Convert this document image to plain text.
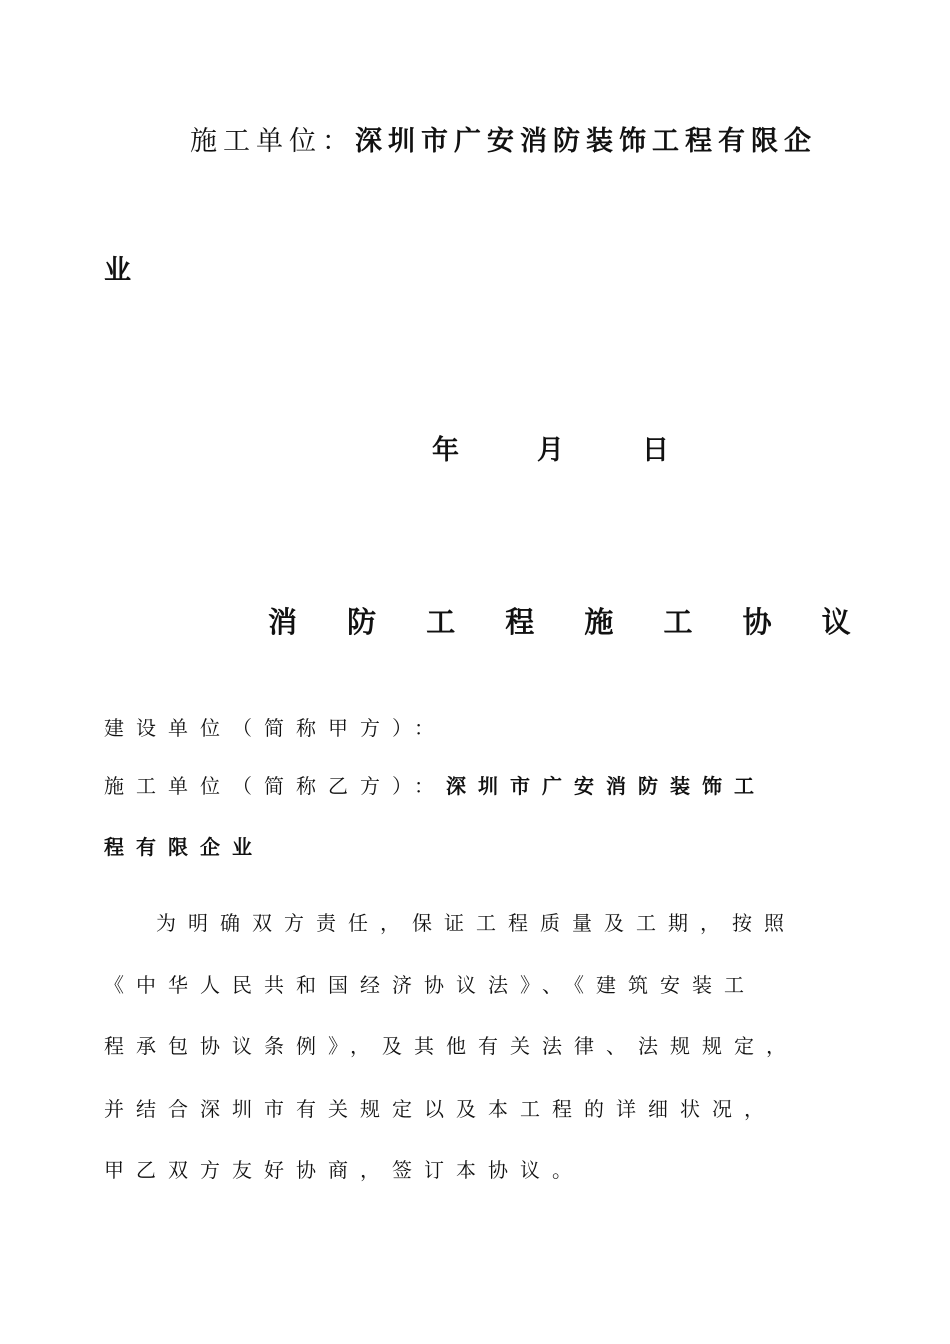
施工单位：深圳市广安消防装饰工程有限企
业
年	月	日
消 防 工 程 施 工 协 议
建设单位（简称甲方）：
施工单位（简称乙方）：深圳市广安消防装饰工
程有限企业
为明确双方责任，保证工程质量及工期，按照
《中华人民共和国经济协议法》、《建筑安装工
程承包协议条例》，及其他有关法律、法规规定，
并结合深圳市有关规定以及本工程的详细状况，
甲乙双方友好协商，签订本协议。
